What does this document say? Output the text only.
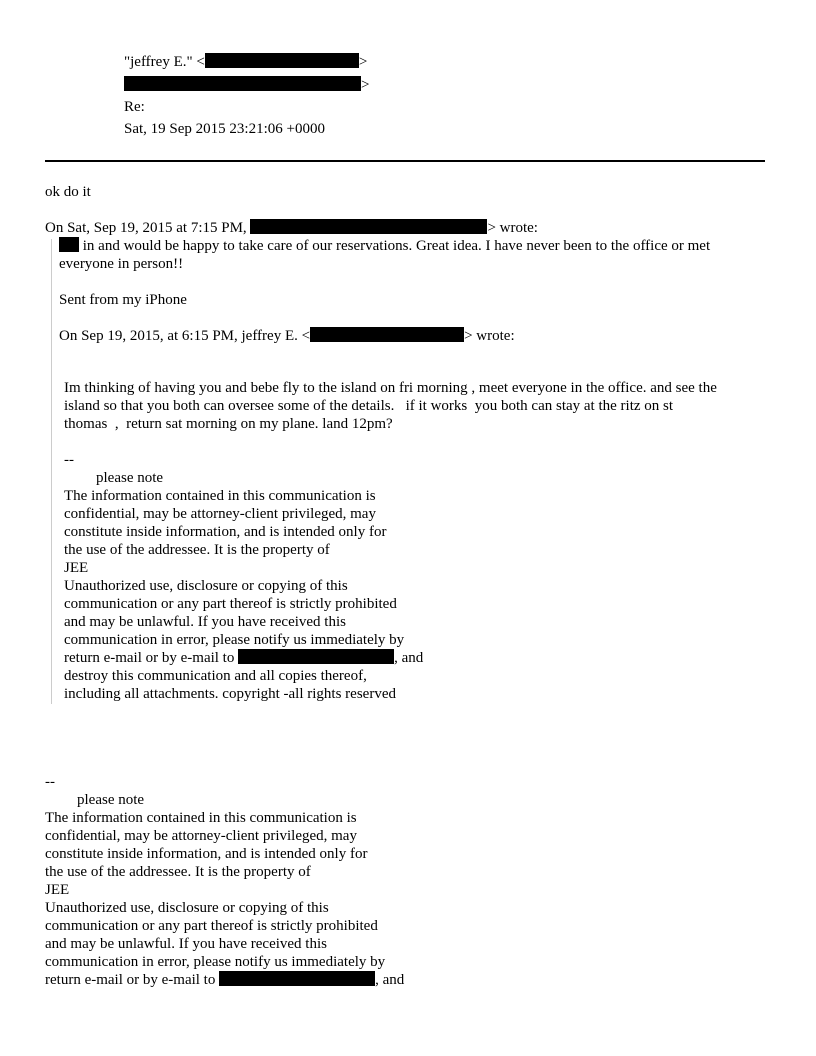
"jeffrey E." <	>
>
Re:
Sat, 19 Sep 2015 23:21:06 +0000
ok do it
On Sat, Sep 19, 2015 at 7:15 PM,	> wrote:
in and would be happy to take care of our reservations. Great idea. I have never been to the office or met
everyone in person!!
Sent from my iPhone
On Sep 19, 2015, at 6:15 PM, jeffrey E. <	> wrote:
Im thinking of having you and bebe fly to the island on fri morning , meet everyone in the office. and see the
island so that you both can oversee some of the details.   if it works  you both can stay at the ritz on st
thomas  ,  return sat morning on my plane. land 12pm?
--
please note
The information contained in this communication is
confidential, may be attorney-client privileged, may
constitute inside information, and is intended only for
the use of the addressee. It is the property of
JEE
Unauthorized use, disclosure or copying of this
communication or any part thereof is strictly prohibited
and may be unlawful. If you have received this
communication in error, please notify us immediately by
return e-mail or by e-mail to	, and
destroy this communication and all copies thereof,
including all attachments. copyright -all rights reserved
--
please note
The information contained in this communication is
confidential, may be attorney-client privileged, may
constitute inside information, and is intended only for
the use of the addressee. It is the property of
JEE
Unauthorized use, disclosure or copying of this
communication or any part thereof is strictly prohibited
and may be unlawful. If you have received this
communication in error, please notify us immediately by
return e-mail or by e-mail to	, and
